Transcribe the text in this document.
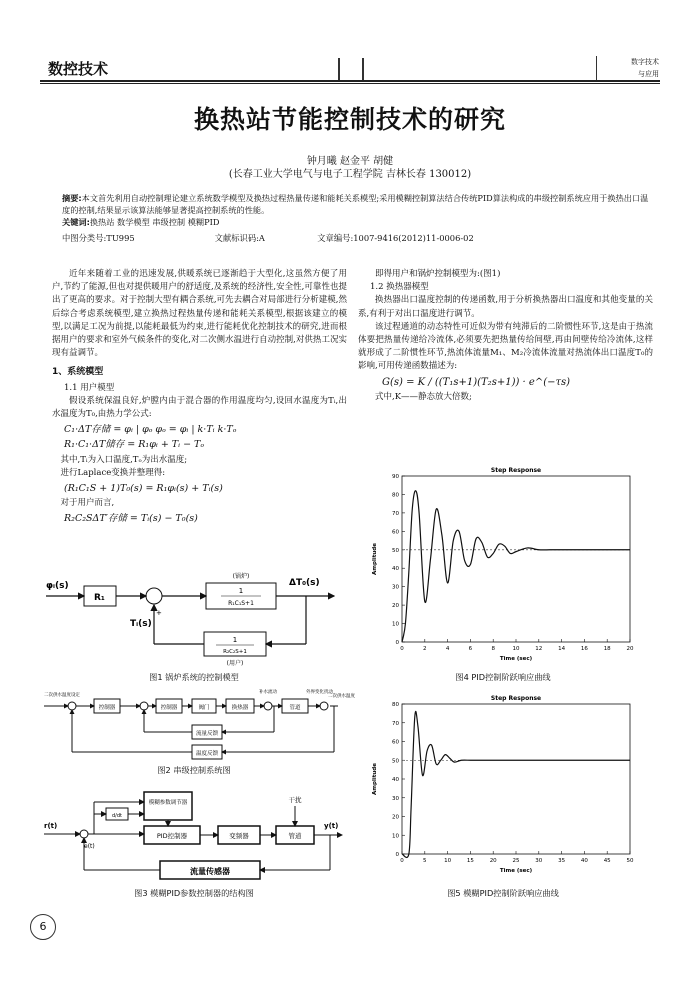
数控技术	数字技术
与应用
换热站节能控制技术的研究
钟月曦 赵金平 胡健
(长春工业大学电气与电子工程学院 吉林长春 130012)
摘要:本文首先利用自动控制理论建立系统数学模型及换热过程热量传递和能耗关系模型;采用模糊控制算法结合传统PID算法构成的串级控制系统应用于换热出口温度的控制,结果显示该算法能够显著提高控制系统的性能。
关键词:换热站 数学模型 串级控制 模糊PID
中图分类号:TU995	文献标识码:A	文章编号:1007-9416(2012)11-0006-02

近年来随着工业的迅速发展,供暖系统已逐渐趋于大型化,这虽然方便了用户,节约了能源,但也对提供暖用户的舒适度,及系统的经济性,安全性,可靠性也提出了更高的要求。对于控制大型有耦合系统,可先去耦合对局部进行分析建模,然后综合考虑系统模型,建立换热过程热量传递和能耗关系模型,根据该建立的模型,以满足工况为前提,以能耗最低为约束,进行能耗优化控制技术的研究,进而根据用户的要求和室外气候条件的变化,对二次侧水温进行自动控制,对供热工况实现有益调节。

1、系统模型
1.1 用户模型

假设系统保温良好,炉膛内由于混合器的作用温度均匀,设回水温度为Tᵢ,出水温度为T₀,由热力学公式:

C₁·ΔT存储 = φᵢ | φₒ φₒ = φᵢ | k·Tᵢ k·Tₒ
R₁·C₁·ΔT储存 = R₁φᵢ + Tᵢ − Tₒ

其中,Tᵢ为入口温度,Tₒ为出水温度;

进行Laplace变换并整理得:

(R₁C₁S + 1)T₀(s) = R₁φᵢ(s) + Tᵢ(s)

对于用户而言,

R₂C₂SΔT′存储 = Tᵢ(s) − T₀(s)
φᵢ(s)
R₁
1
R₁C₁S+1
(锅炉)
ΔT₀(s)
1
R₂C₂S+1
(用户)
Tᵢ(s)
+
图1 锅炉系统的控制模型
二次供水温度设定
控制器	控制器	阀门	换热器
补水流动
管道
外界变化扰动
二次供水温度
流量反馈
温度反馈
图2 串级控制系统图
r(t)
e(t)
d/dt
模糊参数调节器
PID控制器	变频器	管道
干扰
y(t)
流量传感器
图3 模糊PID参数控制器的结构图

即得用户和锅炉控制模型为:(图1)

1.2 换热器模型

换热器出口温度控制的传递函数,用于分析换热器出口温度和其他变量的关系,有利于对出口温度进行调节。

该过程通道的动态特性可近似为带有纯滞后的二阶惯性环节,这是由于热流体要把热量传递给冷流体,必须要先把热量传给间壁,再由间壁传给冷流体,这样就形成了二阶惯性环节,热流体流量M₁、M₂冷流体流量对热流体出口温度T₀的影响,可用传递函数描述为:

G(s) = K / ((T₁s+1)(T₂s+1)) · e^(−τs)

式中,K——静态放大倍数;

Step Response
0	2	4	6	8	10	12	14	16	18	20
0
10
20
30
40
50
60
70
80
90
Time (sec)
Amplitude
图4 PID控制阶跃响应曲线
Step Response
0	5	10	15	20	25	30	35	40	45	50
0
10
20
30
40
50
60
70
80
Time (sec)
Amplitude
图5 模糊PID控制阶跃响应曲线
6
